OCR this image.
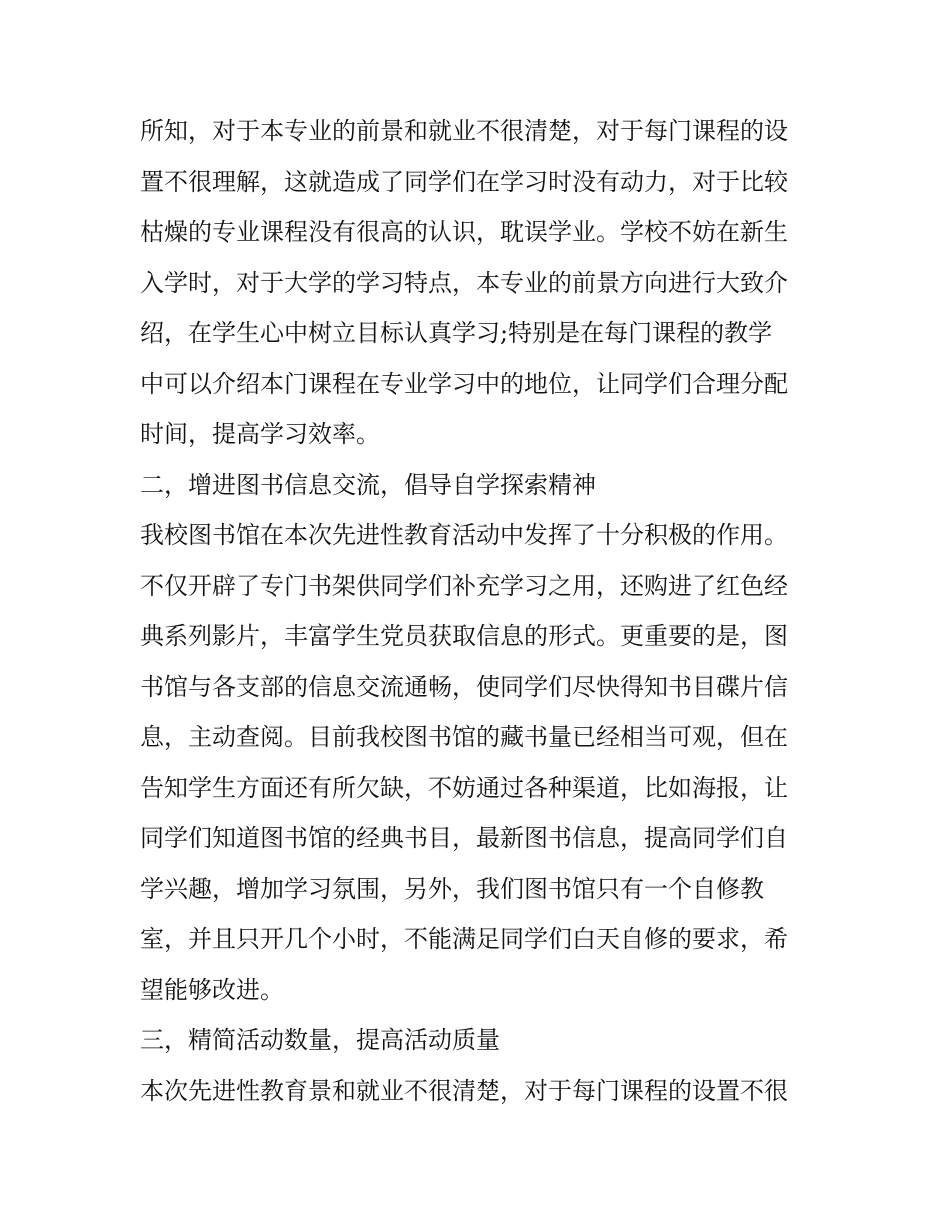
所知，对于本专业的前景和就业不很清楚，对于每门课程的设
置不很理解，这就造成了同学们在学习时没有动力，对于比较
枯燥的专业课程没有很高的认识，耽误学业。学校不妨在新生
入学时，对于大学的学习特点，本专业的前景方向进行大致介
绍，在学生心中树立目标认真学习;特别是在每门课程的教学
中可以介绍本门课程在专业学习中的地位，让同学们合理分配
时间，提高学习效率。
二，增进图书信息交流，倡导自学探索精神
我校图书馆在本次先进性教育活动中发挥了十分积极的作用。
不仅开辟了专门书架供同学们补充学习之用，还购进了红色经
典系列影片，丰富学生党员获取信息的形式。更重要的是，图
书馆与各支部的信息交流通畅，使同学们尽快得知书目碟片信
息，主动查阅。目前我校图书馆的藏书量已经相当可观，但在
告知学生方面还有所欠缺，不妨通过各种渠道，比如海报，让
同学们知道图书馆的经典书目，最新图书信息，提高同学们自
学兴趣，增加学习氛围，另外，我们图书馆只有一个自修教
室，并且只开几个小时，不能满足同学们白天自修的要求，希
望能够改进。
三，精简活动数量，提高活动质量
本次先进性教育景和就业不很清楚，对于每门课程的设置不很
